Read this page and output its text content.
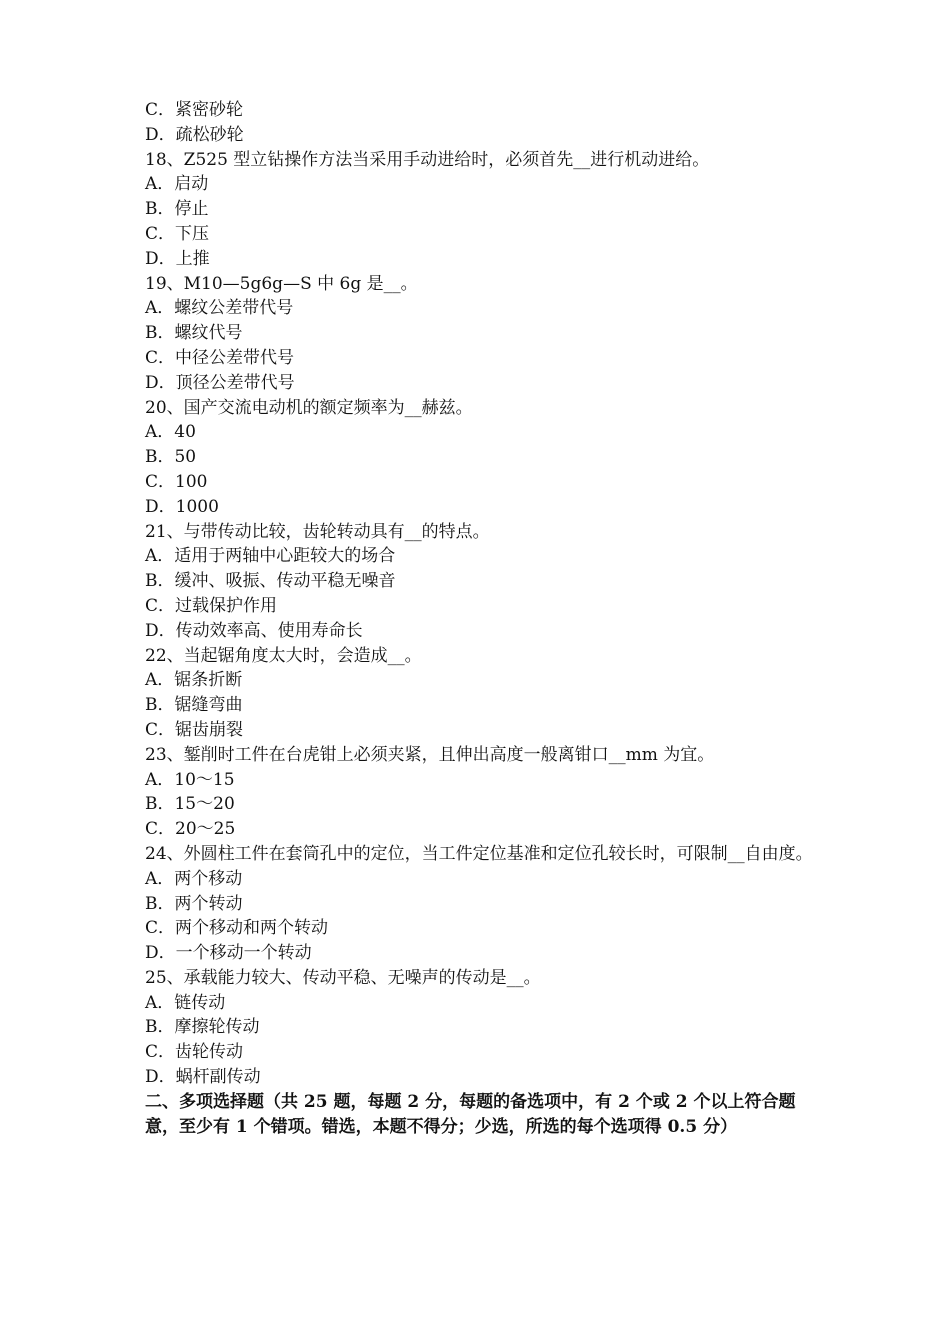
C．紧密砂轮

D．疏松砂轮

18、Z525 型立钻操作方法当采用手动进给时，必须首先__进行机动进给。

A．启动

B．停止

C．下压

D．上推

19、M10—5g6g—S 中 6g 是__。

A．螺纹公差带代号

B．螺纹代号

C．中径公差带代号

D．顶径公差带代号

20、国产交流电动机的额定频率为__赫兹。

A．40

B．50

C．100

D．1000

21、与带传动比较，齿轮转动具有__的特点。

A．适用于两轴中心距较大的场合

B．缓冲、吸振、传动平稳无噪音

C．过载保护作用

D．传动效率高、使用寿命长

22、当起锯角度太大时，会造成__。

A．锯条折断

B．锯缝弯曲

C．锯齿崩裂

23、錾削时工件在台虎钳上必须夹紧，且伸出高度一般离钳口__mm 为宜。

A．10～15

B．15～20

C．20～25

24、外圆柱工件在套筒孔中的定位，当工件定位基准和定位孔较长时，可限制__自由度。

A．两个移动

B．两个转动

C．两个移动和两个转动

D．一个移动一个转动

25、承载能力较大、传动平稳、无噪声的传动是__。

A．链传动

B．摩擦轮传动

C．齿轮传动

D．蜗杆副传动

二、多项选择题（共 25 题，每题 2 分，每题的备选项中，有 2 个或 2 个以上符合题意，至少有 1 个错项。错选，本题不得分；少选，所选的每个选项得 0.5 分）
